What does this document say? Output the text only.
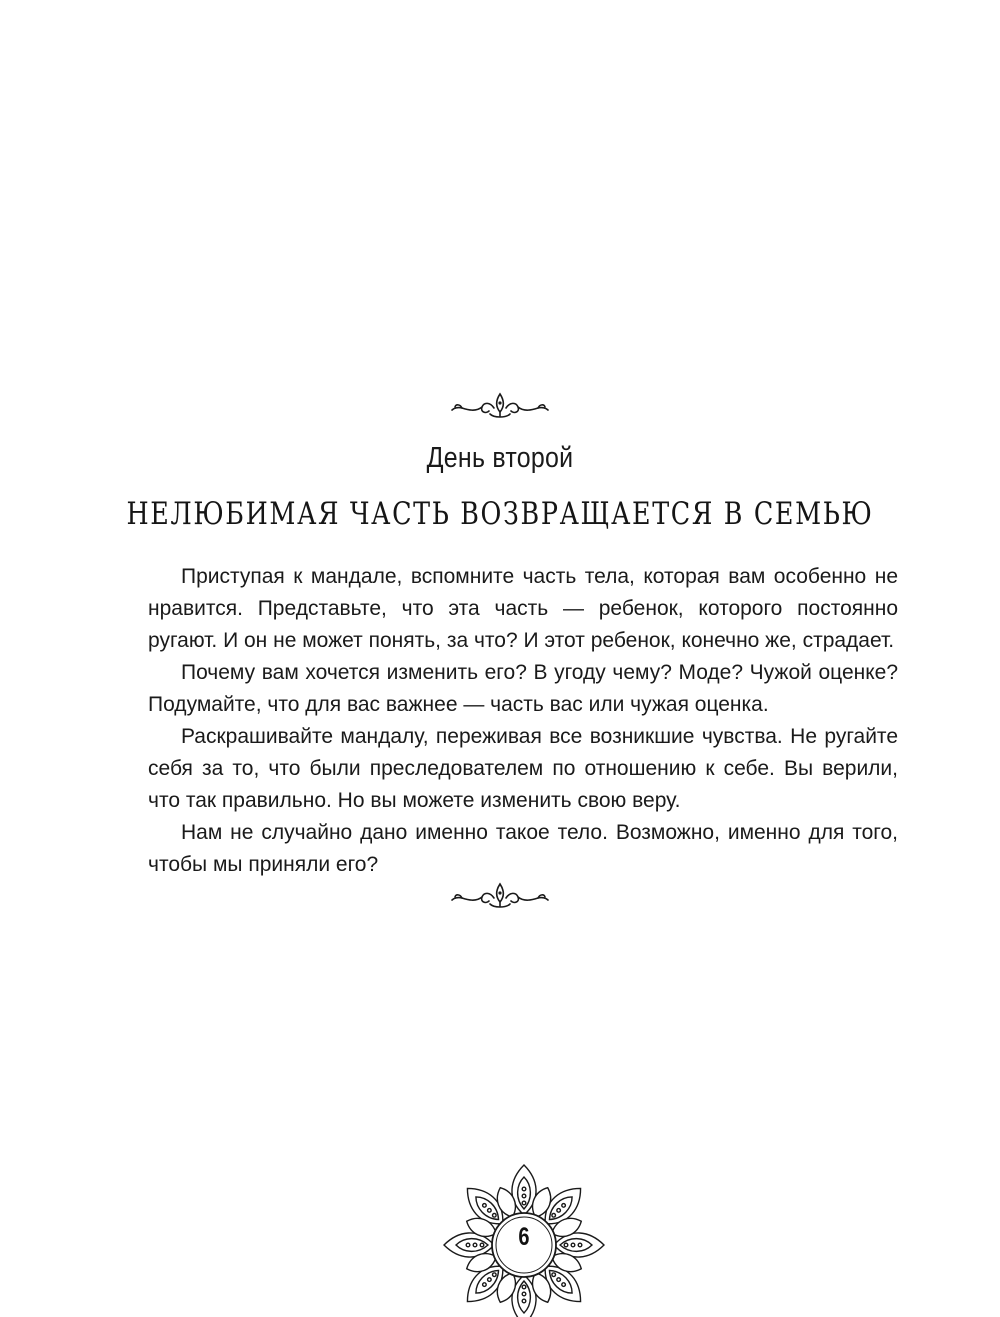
День второй
НЕЛЮБИМАЯ ЧАСТЬ ВОЗВРАЩАЕТСЯ В СЕМЬЮ

Приступая к мандале, вспомните часть тела, которая вам особенно не нравится. Представьте, что эта часть — ребенок, которого постоянно ругают. И он не может понять, за что? И этот ребенок, конечно же, страдает.

Почему вам хочется изменить его? В угоду чему? Моде? Чужой оценке? Подумайте, что для вас важнее — часть вас или чужая оценка.

Раскрашивайте мандалу, переживая все возникшие чувства. Не ругайте себя за то, что были преследователем по отношению к себе. Вы верили, что так правильно. Но вы можете изменить свою веру.

Нам не случайно дано именно такое тело. Возможно, именно для того, чтобы мы приняли его?

6
